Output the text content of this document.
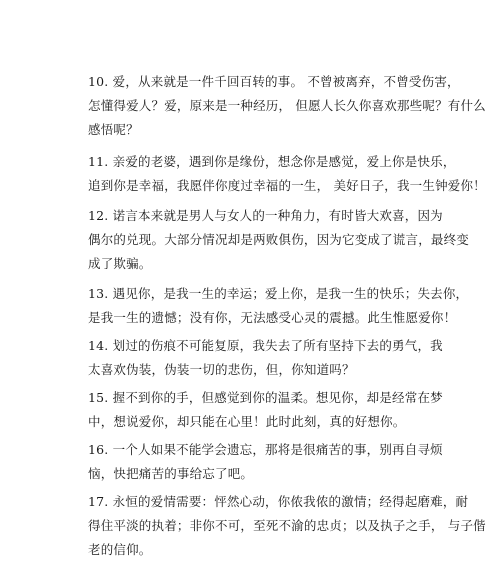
10. 爱，从来就是一件千回百转的事。 不曾被离弃，不曾受伤害，
怎懂得爱人？爱，原来是一种经历， 但愿人长久你喜欢那些呢？有什么
感悟呢？
11. 亲爱的老婆，遇到你是缘份，想念你是感觉，爱上你是快乐，
追到你是幸福，我愿伴你度过幸福的一生， 美好日子，我一生钟爱你！
12. 诺言本来就是男人与女人的一种角力，有时皆大欢喜，因为
偶尔的兑现。大部分情况却是两败俱伤，因为它变成了谎言，最终变
成了欺骗。
13. 遇见你，是我一生的幸运；爱上你，是我一生的快乐；失去你，
是我一生的遗憾；没有你，无法感受心灵的震撼。此生惟愿爱你！
14. 划过的伤痕不可能复原，我失去了所有坚持下去的勇气，我
太喜欢伪装，伪装一切的悲伤，但，你知道吗？
15. 握不到你的手，但感觉到你的温柔。想见你，却是经常在梦
中，想说爱你，却只能在心里！此时此刻，真的好想你。
16. 一个人如果不能学会遗忘，那将是很痛苦的事，别再自寻烦
恼，快把痛苦的事给忘了吧。
17. 永恒的爱情需要：怦然心动，你侬我侬的激情；经得起磨难，耐
得住平淡的执着；非你不可，至死不渝的忠贞；以及执子之手， 与子偕
老的信仰。
